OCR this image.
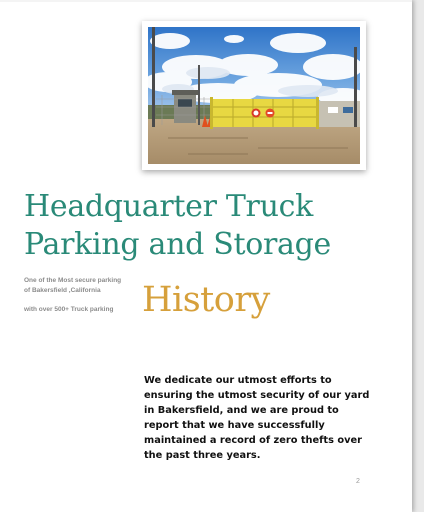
Headquarter Truck
Parking and Storage

One of the Most secure parking of Bakersfield ,California

with over 500+ Truck parking History

We dedicate our utmost efforts to ensuring the utmost security of our yard in Bakersfield, and we are proud to report that we have successfully maintained a record of zero thefts over the past three years.

2
